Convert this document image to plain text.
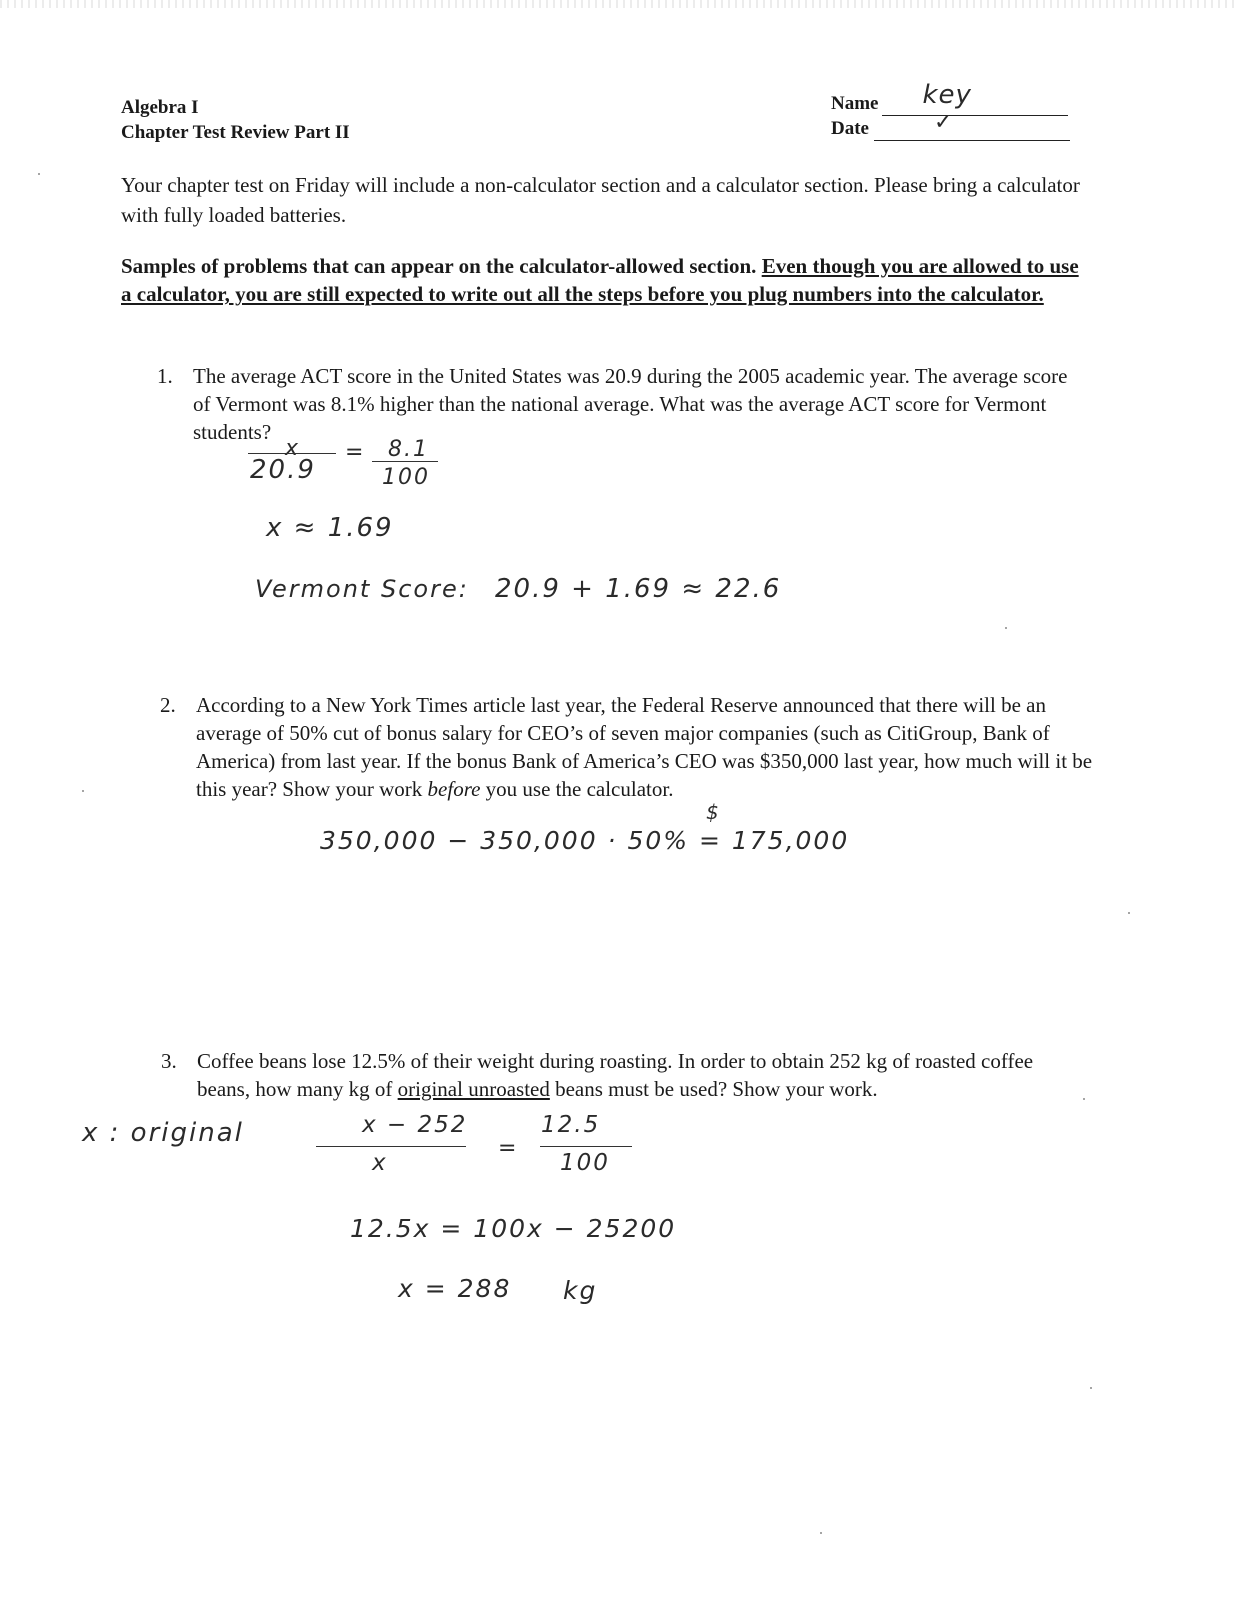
Algebra I
Chapter Test Review Part II
Name key
Date	✓
Your chapter test on Friday will include a non-calculator section and a calculator section. Please bring a calculator with fully loaded batteries.
Samples of problems that can appear on the calculator-allowed section. Even though you are allowed to use a calculator, you are still expected to write out all the steps before you plug numbers into the calculator.
1. The average ACT score in the United States was 20.9 during the 2005 academic year. The average score of Vermont was 8.1% higher than the national average. What was the average ACT score for Vermont students?
x
20.9
= 8.1
100
x ≈ 1.69
Vermont Score: 20.9 + 1.69 ≈ 22.6
2. According to a New York Times article last year, the Federal Reserve announced that there will be an average of 50% cut of bonus salary for CEO’s of seven major companies (such as CitiGroup, Bank of America) from last year. If the bonus Bank of America’s CEO was $350,000 last year, how much will it be this year? Show your work before you use the calculator.
$
350,000 − 350,000 · 50% = 175,000
3. Coffee beans lose 12.5% of their weight during roasting. In order to obtain 252 kg of roasted coffee beans, how many kg of original unroasted beans must be used? Show your work.
x : original	x − 252
x
=
12.5
100
12.5x = 100x − 25200
x = 288 kg
